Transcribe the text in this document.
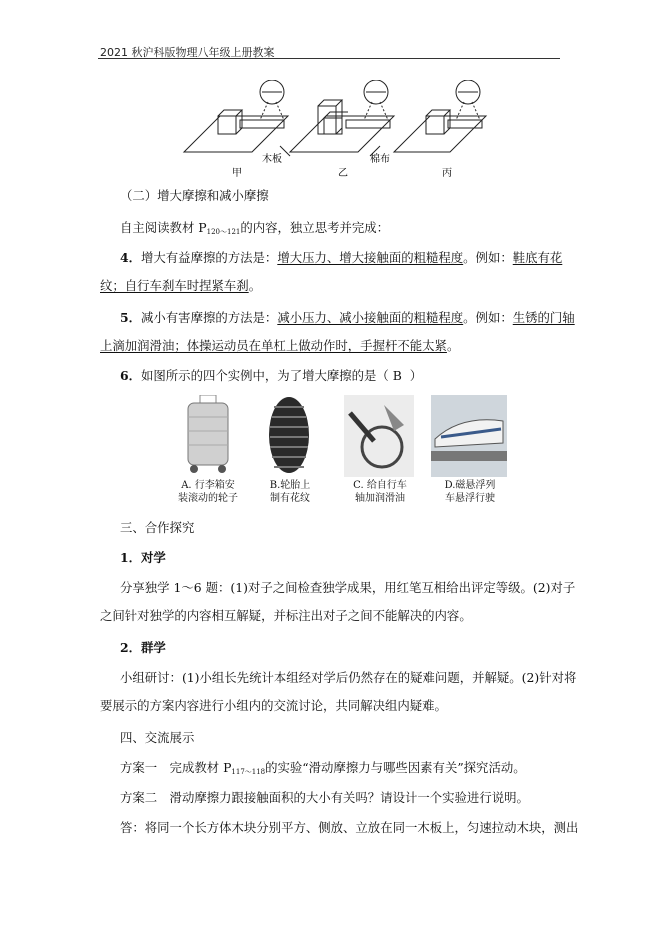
2021 秋沪科版物理八年级上册教案
木板	棉布
甲	乙	丙
（二）增大摩擦和减小摩擦
自主阅读教材 $P_{120\sim 121}$的内容，独立思考并完成：
4．增大有益摩擦的方法是：增大压力、增大接触面的粗糙程度。例如：鞋底有花
纹；自行车刹车时捏紧车刹。
5．减小有害摩擦的方法是：减小压力、减小接触面的粗糙程度。例如：生锈的门轴
上滴加润滑油；体操运动员在单杠上做动作时，手握杆不能太紧。
6．如图所示的四个实例中，为了增大摩擦的是（ B ）
A. 行李箱安
装滚动的轮子
B.轮胎上
制有花纹
C. 给自行车
轴加润滑油
D.磁悬浮列
车悬浮行驶
三、合作探究
1．对学
分享独学 1～6 题：(1)对子之间检查独学成果，用红笔互相给出评定等级。(2)对子
之间针对独学的内容相互解疑，并标注出对子之间不能解决的内容。
2．群学
小组研讨：(1)小组长先统计本组经对学后仍然存在的疑难问题，并解疑。(2)针对将
要展示的方案内容进行小组内的交流讨论，共同解决组内疑难。
四、交流展示
方案一　完成教材 $P_{117\sim 118}$的实验“滑动摩擦力与哪些因素有关”探究活动。
方案二　滑动摩擦力跟接触面积的大小有关吗？请设计一个实验进行说明。
答：将同一个长方体木块分别平方、侧放、立放在同一木板上，匀速拉动木块，测出
